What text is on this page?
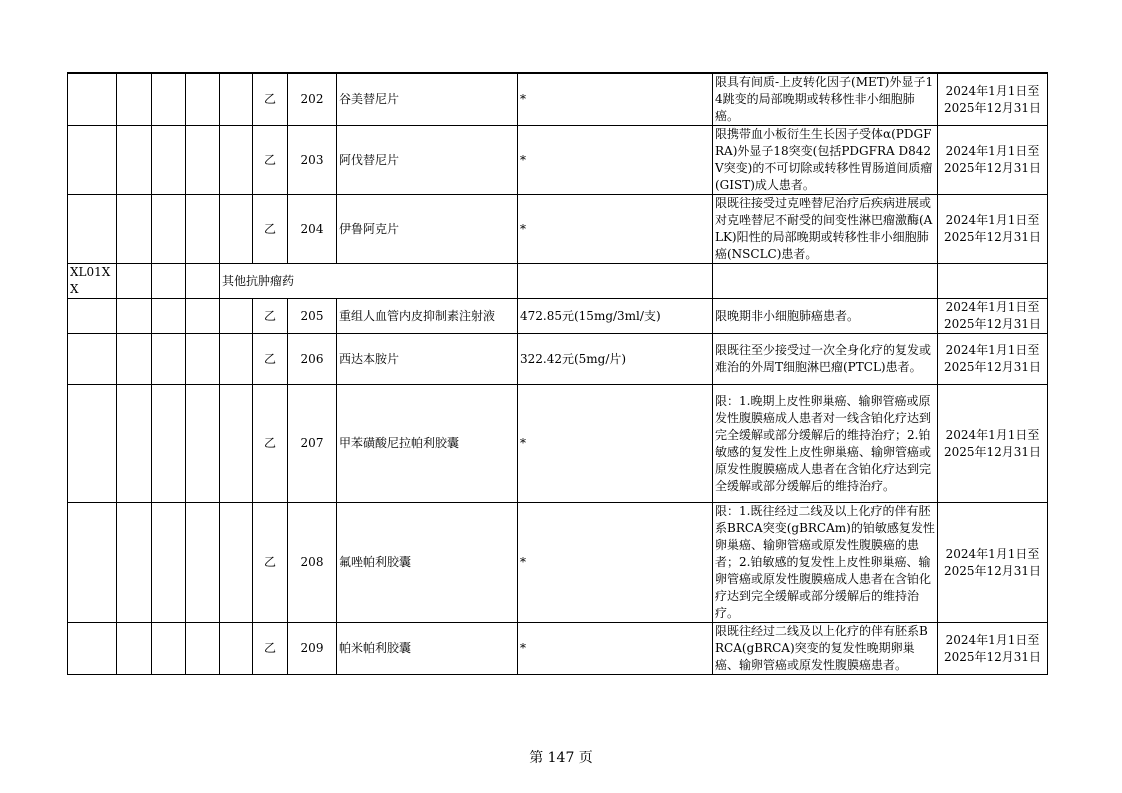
					乙	202	谷美替尼片	*	限具有间质-上皮转化因子(MET)外显子14跳变的局部晚期或转移性非小细胞肺癌。	2024年1月1日至
2025年12月31日
					乙	203	阿伐替尼片	*	限携带血小板衍生生长因子受体α(PDGFRA)外显子18突变(包括PDGFRA D842V突变)的不可切除或转移性胃肠道间质瘤(GIST)成人患者。	2024年1月1日至
2025年12月31日
					乙	204	伊鲁阿克片	*	限既往接受过克唑替尼治疗后疾病进展或对克唑替尼不耐受的间变性淋巴瘤激酶(ALK)阳性的局部晚期或转移性非小细胞肺癌(NSCLC)患者。	2024年1月1日至
2025年12月31日
XL01XX				其他抗肿瘤药						
					乙	205	重组人血管内皮抑制素注射液	472.85元(15mg/3ml/支)	限晚期非小细胞肺癌患者。	2024年1月1日至
2025年12月31日
					乙	206	西达本胺片	322.42元(5mg/片)	限既往至少接受过一次全身化疗的复发或难治的外周T细胞淋巴瘤(PTCL)患者。	2024年1月1日至
2025年12月31日
					乙	207	甲苯磺酸尼拉帕利胶囊	*	限：1.晚期上皮性卵巢癌、输卵管癌或原发性腹膜癌成人患者对一线含铂化疗达到完全缓解或部分缓解后的维持治疗；2.铂敏感的复发性上皮性卵巢癌、输卵管癌或原发性腹膜癌成人患者在含铂化疗达到完全缓解或部分缓解后的维持治疗。	2024年1月1日至
2025年12月31日
					乙	208	氟唑帕利胶囊	*	限：1.既往经过二线及以上化疗的伴有胚系BRCA突变(gBRCAm)的铂敏感复发性卵巢癌、输卵管癌或原发性腹膜癌的患者；2.铂敏感的复发性上皮性卵巢癌、输卵管癌或原发性腹膜癌成人患者在含铂化疗达到完全缓解或部分缓解后的维持治疗。	2024年1月1日至
2025年12月31日
					乙	209	帕米帕利胶囊	*	限既往经过二线及以上化疗的伴有胚系BRCA(gBRCA)突变的复发性晚期卵巢癌、输卵管癌或原发性腹膜癌患者。	2024年1月1日至
2025年12月31日
第 147 页
